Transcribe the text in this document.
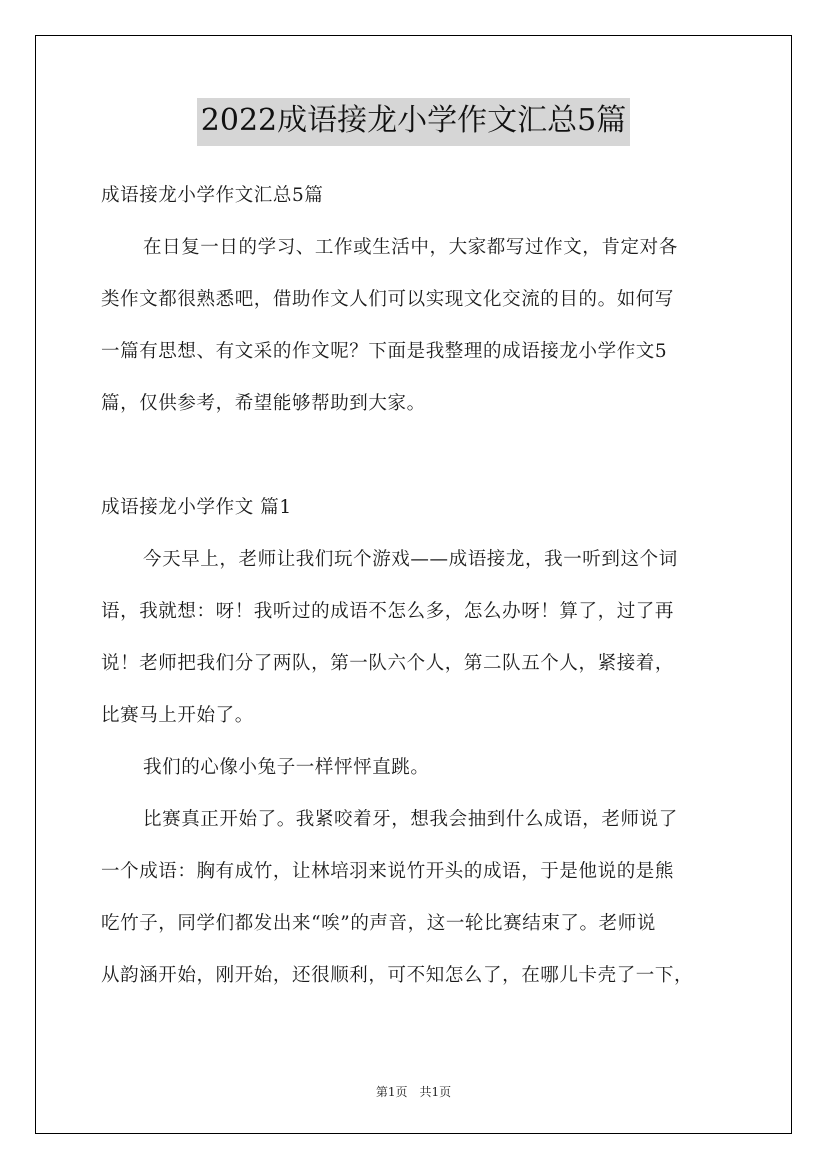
2022成语接龙小学作文汇总5篇
成语接龙小学作文汇总5篇
在日复一日的学习、工作或生活中，大家都写过作文，肯定对各
类作文都很熟悉吧，借助作文人们可以实现文化交流的目的。如何写
一篇有思想、有文采的作文呢？下面是我整理的成语接龙小学作文5
篇，仅供参考，希望能够帮助到大家。
成语接龙小学作文 篇1
今天早上，老师让我们玩个游戏——成语接龙，我一听到这个词
语，我就想：呀！我听过的成语不怎么多，怎么办呀！算了，过了再
说！老师把我们分了两队，第一队六个人，第二队五个人，紧接着，
比赛马上开始了。
我们的心像小兔子一样怦怦直跳。
比赛真正开始了。我紧咬着牙，想我会抽到什么成语，老师说了
一个成语：胸有成竹，让林培羽来说竹开头的成语，于是他说的是熊
吃竹子，同学们都发出来“唉”的声音，这一轮比赛结束了。老师说
从韵涵开始，刚开始，还很顺利，可不知怎么了，在哪儿卡壳了一下，
第1页 共1页
